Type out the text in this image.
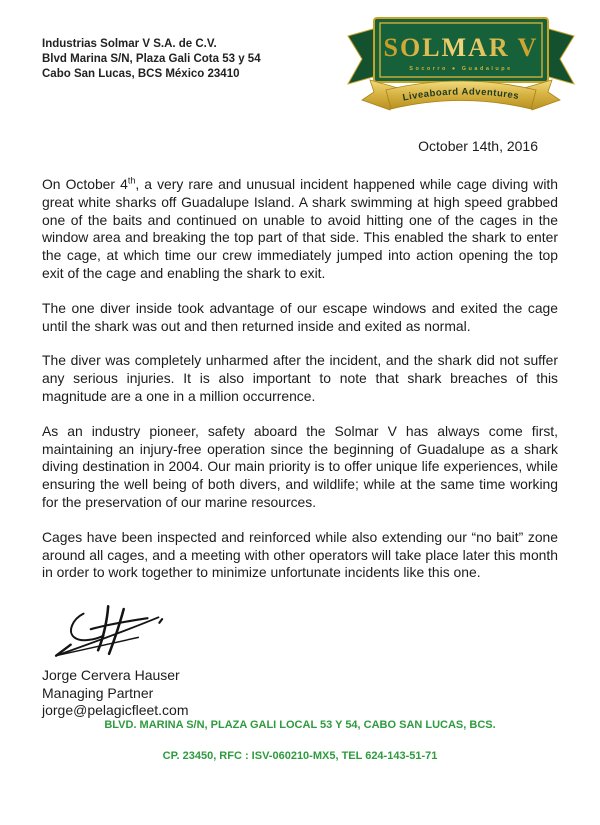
Industrias Solmar V S.A. de C.V.
Blvd Marina S/N, Plaza Gali Cota 53 y 54
Cabo San Lucas, BCS México 23410
SOLMAR V
Socorro ● Guadalupe
Liveaboard Adventures
October 14th, 2016

On October 4th, a very rare and unusual incident happened while cage diving with great white sharks off Guadalupe Island. A shark swimming at high speed grabbed one of the baits and continued on unable to avoid hitting one of the cages in the window area and breaking the top part of that side. This enabled the shark to enter the cage, at which time our crew immediately jumped into action opening the top exit of the cage and enabling the shark to exit.

The one diver inside took advantage of our escape windows and exited the cage until the shark was out and then returned inside and exited as normal.

The diver was completely unharmed after the incident, and the shark did not suffer any serious injuries. It is also important to note that shark breaches of this magnitude are a one in a million occurrence.

As an industry pioneer, safety aboard the Solmar V has always come first, maintaining an injury-free operation since the beginning of Guadalupe as a shark diving destination in 2004. Our main priority is to offer unique life experiences, while ensuring the well being of both divers, and wildlife; while at the same time working for the preservation of our marine resources.

Cages have been inspected and reinforced while also extending our “no bait” zone around all cages, and a meeting with other operators will take place later this month in order to work together to minimize unfortunate incidents like this one.

Jorge Cervera Hauser
Managing Partner
jorge@pelagicfleet.com
BLVD. MARINA S/N, PLAZA GALI LOCAL 53 Y 54, CABO SAN LUCAS, BCS.
CP. 23450, RFC : ISV-060210-MX5, TEL 624-143-51-71
